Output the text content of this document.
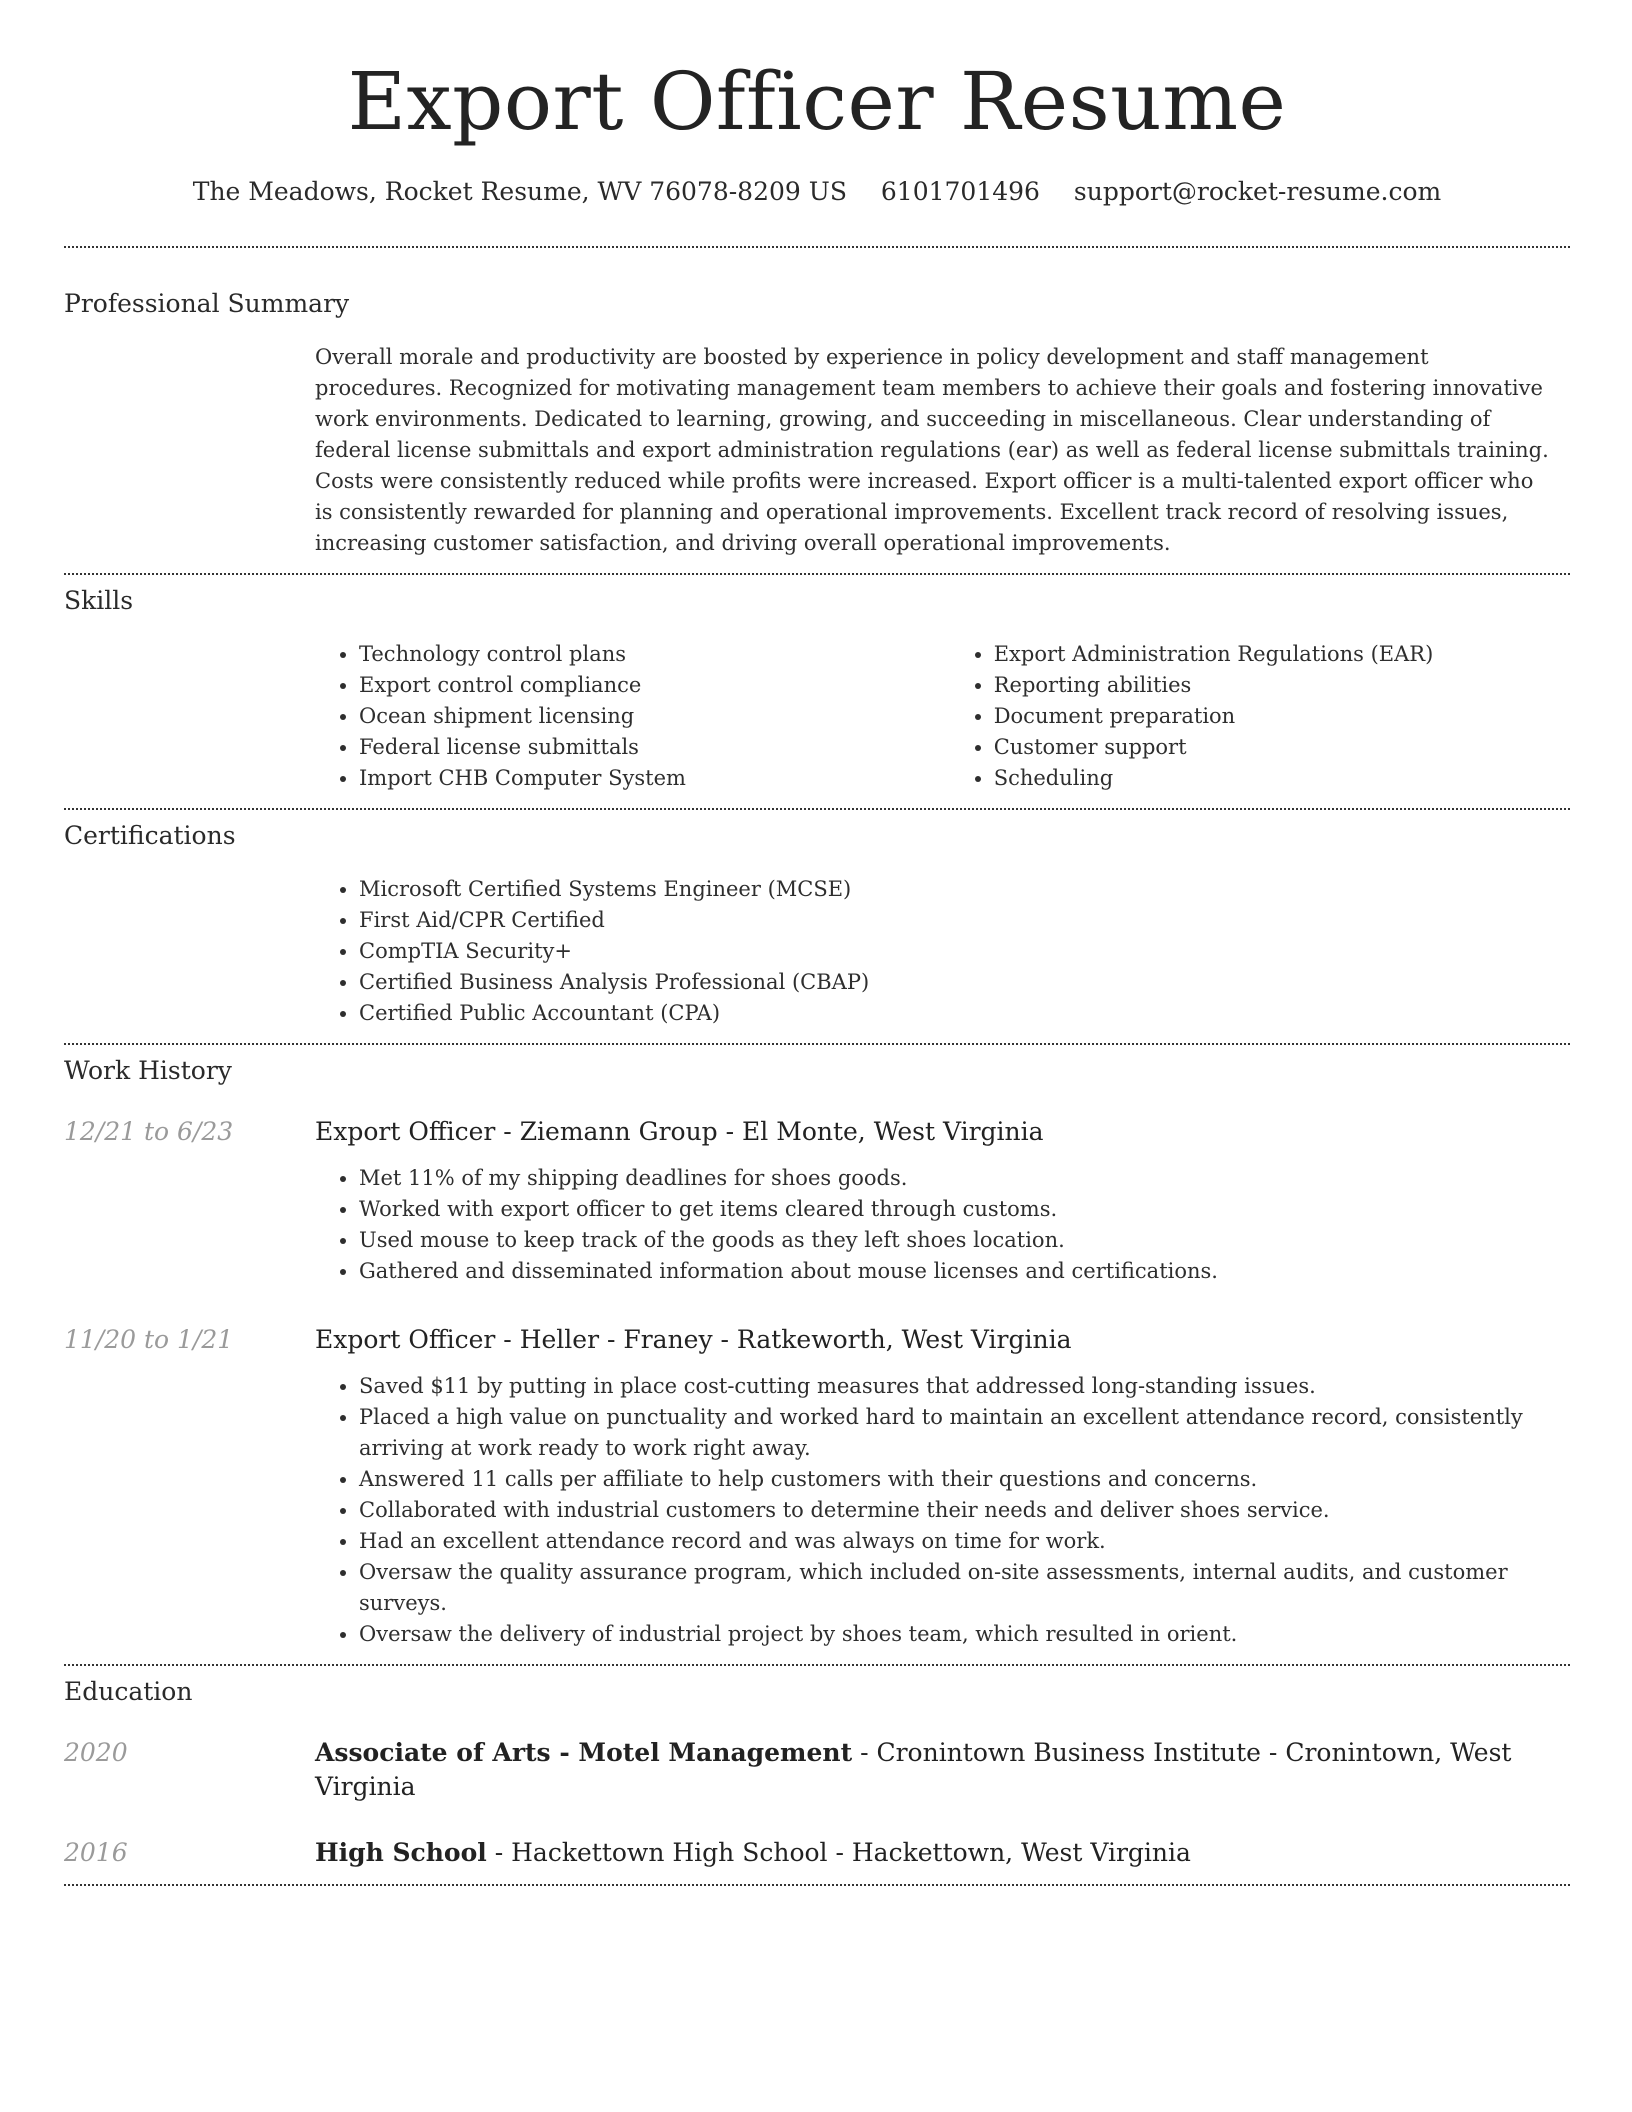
Export Officer Resume
The Meadows, Rocket Resume, WV 76078-8209 US 6101701496 support@rocket-resume.com
Professional Summary
Overall morale and productivity are boosted by experience in policy development and staff management procedures. Recognized for motivating management team members to achieve their goals and fostering innovative work environments. Dedicated to learning, growing, and succeeding in miscellaneous. Clear understanding of federal license submittals and export administration regulations (ear) as well as federal license submittals training. Costs were consistently reduced while profits were increased. Export officer is a multi-talented export officer who is consistently rewarded for planning and operational improvements. Excellent track record of resolving issues, increasing customer satisfaction, and driving overall operational improvements.
Skills
• Technology control plans
• Export control compliance
• Ocean shipment licensing
• Federal license submittals
• Import CHB Computer System
• Export Administration Regulations (EAR)
• Reporting abilities
• Document preparation
• Customer support
• Scheduling
Certifications
• Microsoft Certified Systems Engineer (MCSE)
• First Aid/CPR Certified
• CompTIA Security+
• Certified Business Analysis Professional (CBAP)
• Certified Public Accountant (CPA)
Work History
12/21 to 6/23	Export Officer - Ziemann Group - El Monte, West Virginia
• Met 11% of my shipping deadlines for shoes goods.
• Worked with export officer to get items cleared through customs.
• Used mouse to keep track of the goods as they left shoes location.
• Gathered and disseminated information about mouse licenses and certifications.
11/20 to 1/21	Export Officer - Heller - Franey - Ratkeworth, West Virginia
• Saved $11 by putting in place cost-cutting measures that addressed long-standing issues.
• Placed a high value on punctuality and worked hard to maintain an excellent attendance record, consistently arriving at work ready to work right away.
• Answered 11 calls per affiliate to help customers with their questions and concerns.
• Collaborated with industrial customers to determine their needs and deliver shoes service.
• Had an excellent attendance record and was always on time for work.
• Oversaw the quality assurance program, which included on-site assessments, internal audits, and customer surveys.
• Oversaw the delivery of industrial project by shoes team, which resulted in orient.
Education
2020	Associate of Arts - Motel Management - Cronintown Business Institute - Cronintown, West Virginia
2016	High School - Hackettown High School - Hackettown, West Virginia
